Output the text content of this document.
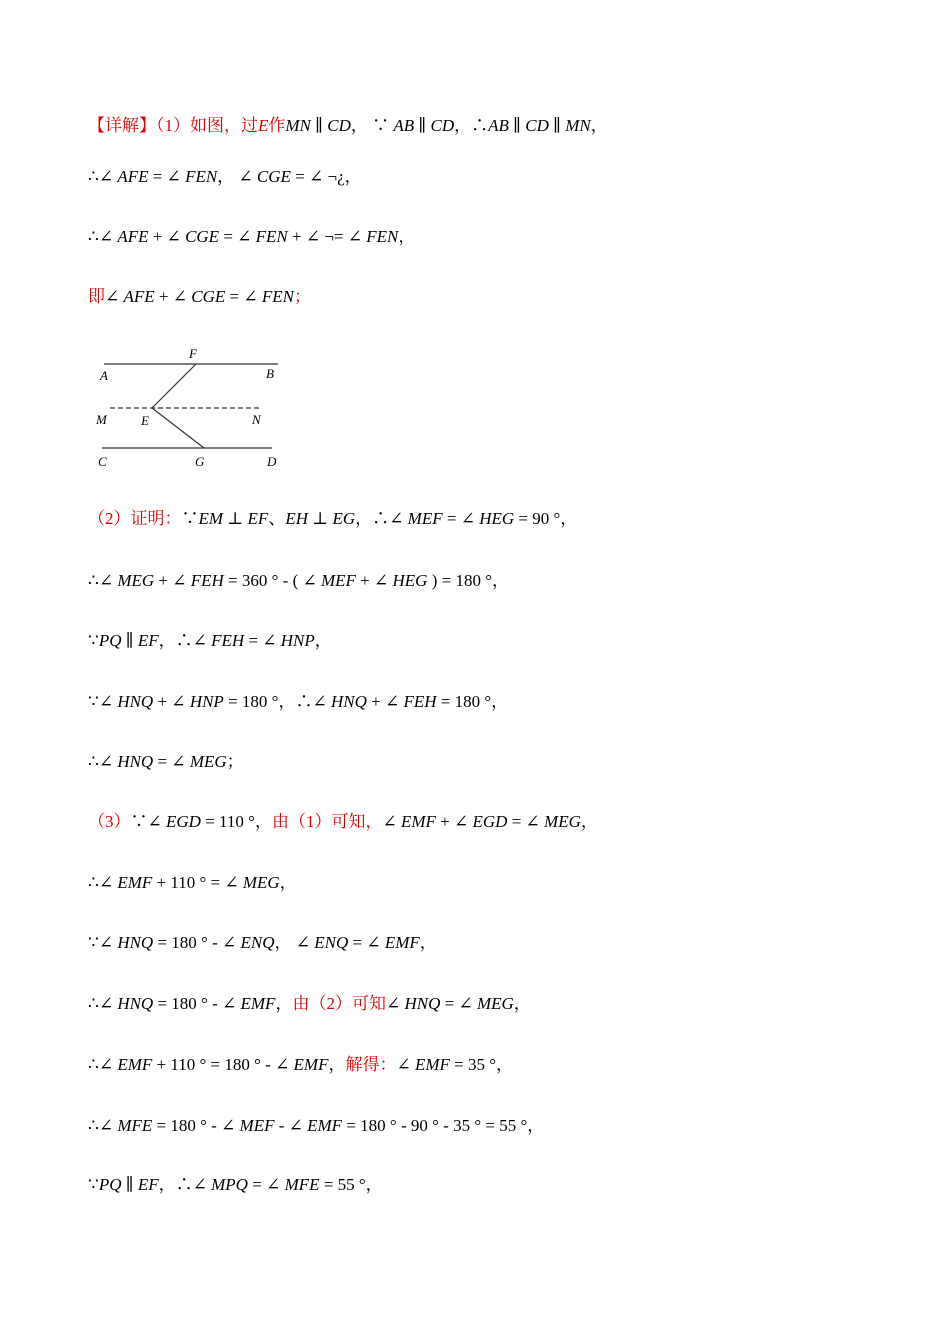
【详解】（1）如图，过E作MN ∥ CD， ∵ AB ∥ CD，∴AB ∥ CD ∥ MN，
∴∠ AFE = ∠ FEN， ∠ CGE = ∠ ¬¿，
∴∠ AFE + ∠ CGE = ∠ FEN + ∠ ¬= ∠ FEN，
即∠ AFE + ∠ CGE = ∠ FEN；
（2）证明：∵EM ⊥ EF、EH ⊥ EG，∴∠ MEF = ∠ HEG = 90 °，
∴∠ MEG + ∠ FEH = 360 ° - ( ∠ MEF + ∠ HEG ) = 180 °，
∵PQ ∥ EF，∴∠ FEH = ∠ HNP，
∵∠ HNQ + ∠ HNP = 180 °，∴∠ HNQ + ∠ FEH = 180 °，
∴∠ HNQ = ∠ MEG；
（3）∵∠ EGD = 110 °，由（1）可知，∠ EMF + ∠ EGD = ∠ MEG，
∴∠ EMF + 110 ° = ∠ MEG，
∵∠ HNQ = 180 ° - ∠ ENQ， ∠ ENQ = ∠ EMF，
∴∠ HNQ = 180 ° - ∠ EMF，由（2）可知∠ HNQ = ∠ MEG，
∴∠ EMF + 110 ° = 180 ° - ∠ EMF，解得：∠ EMF = 35 °，
∴∠ MFE = 180 ° - ∠ MEF - ∠ EMF = 180 ° - 90 ° - 35 ° = 55 °，
∵PQ ∥ EF，∴∠ MPQ = ∠ MFE = 55 °，
A	B
F
M	E	N
C	G	D
